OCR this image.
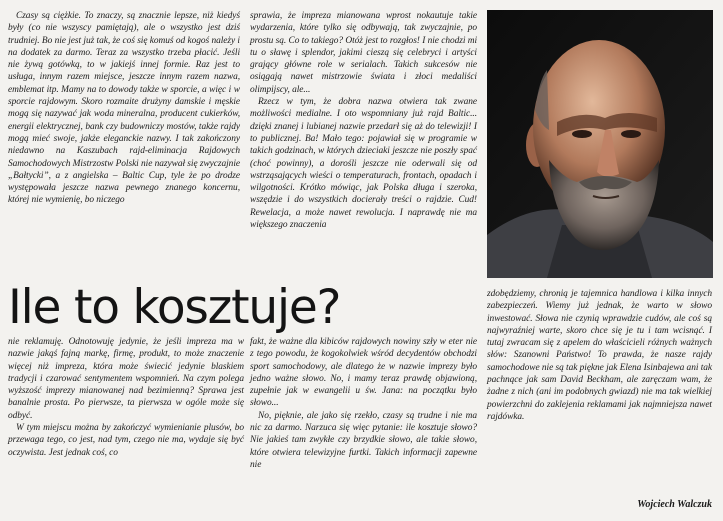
Czasy są ciężkie. To znaczy, są znacznie lepsze, niż kiedyś były (co nie wszyscy pamiętają), ale o wszystko jest dziś trudniej. Bo nie jest już tak, że coś się komuś od kogoś należy i na dodatek za darmo. Teraz za wszystko trzeba płacić. Jeśli nie żywą gotówką, to w jakiejś innej formie. Raz jest to usługa, innym razem miejsce, jeszcze innym razem nazwa, emblemat itp. Mamy na to dowody także w sporcie, a więc i w sporcie rajdowym. Skoro rozmaite drużyny damskie i męskie mogą się nazywać jak woda mineralna, producent cukierków, energii elektrycznej, bank czy budowniczy mostów, także rajdy mogą mieć swoje, jakże eleganckie nazwy. I tak zakończony niedawno na Kaszubach rajd-eliminacja Rajdowych Samochodowych Mistrzostw Polski nie nazywał się zwyczajnie „Bałtycki”, a z angielska – Baltic Cup, tyle że po drodze występowała jeszcze nazwa pewnego znanego koncernu, której nie wymienię, bo niczego

sprawia, że impreza mianowana wprost nokautuje takie wydarzenia, które tylko się odbywają, tak zwyczajnie, po prostu są. Co to takiego? Otóż jest to rozgłos! I nie chodzi mi tu o sławę i splendor, jakimi cieszą się celebryci i artyści grający główne role w serialach. Takich sukcesów nie osiągają nawet mistrzowie świata i złoci medaliści olimpijscy, ale...

Rzecz w tym, że dobra nazwa otwiera tak zwane możliwości medialne. I oto wspomniany już rajd Baltic... dzięki znanej i lubianej nazwie przedarł się aż do telewizji! I to publicznej. Ba! Mało tego: pojawiał się w programie w takich godzinach, w których dzieciaki jeszcze nie poszły spać (choć powinny), a dorośli jeszcze nie oderwali się od wstrząsających wieści o temperaturach, frontach, opadach i wilgotności. Krótko mówiąc, jak Polska długa i szeroka, wszędzie i do wszystkich docierały treści o rajdzie. Cud! Rewelacja, a może nawet rewolucja. I naprawdę nie ma większego znaczenia

Ile to kosztuje?

nie reklamuję. Odnotowuję jedynie, że jeśli impreza ma w nazwie jakąś fajną markę, firmę, produkt, to może znaczenie więcej niż impreza, która może świecić jedynie blaskiem tradycji i czarować sentymentem wspomnień. Na czym polega wyższość imprezy mianowanej nad bezimienną? Sprawa jest banalnie prosta. Po pierwsze, ta pierwsza w ogóle może się odbyć.

W tym miejscu można by zakończyć wymienianie plusów, bo przewaga tego, co jest, nad tym, czego nie ma, wydaje się być oczywista. Jest jednak coś, co

fakt, że ważne dla kibiców rajdowych nowiny szły w eter nie z tego powodu, że kogokolwiek wśród decydentów obchodzi sport samochodowy, ale dlatego że w nazwie imprezy było jedno ważne słowo. No, i mamy teraz prawdę objawioną, zupełnie jak w ewangelii u św. Jana: na początku było słowo...

No, pięknie, ale jako się rzekło, czasy są trudne i nie ma nic za darmo. Narzuca się więc pytanie: ile kosztuje słowo? Nie jakieś tam zwykłe czy brzydkie słowo, ale takie słowo, które otwiera telewizyjne furtki. Takich informacji zapewne nie

zdobędziemy, chronią je tajemnica handlowa i kilka innych zabezpieczeń. Wiemy już jednak, że warto w słowo inwestować. Słowa nie czynią wprawdzie cudów, ale coś są najwyraźniej warte, skoro chce się je tu i tam wcisnąć. I tutaj zwracam się z apelem do właścicieli różnych ważnych słów: Szanowni Państwo! To prawda, że nasze rajdy samochodowe nie są tak piękne jak Elena Isinbajewa ani tak pachnące jak sam David Beckham, ale zaręczam wam, że żadne z nich (ani im podobnych gwiazd) nie ma tak wielkiej powierzchni do zaklejenia reklamami jak najmniejsza nawet rajdówka.

Wojciech Walczuk
